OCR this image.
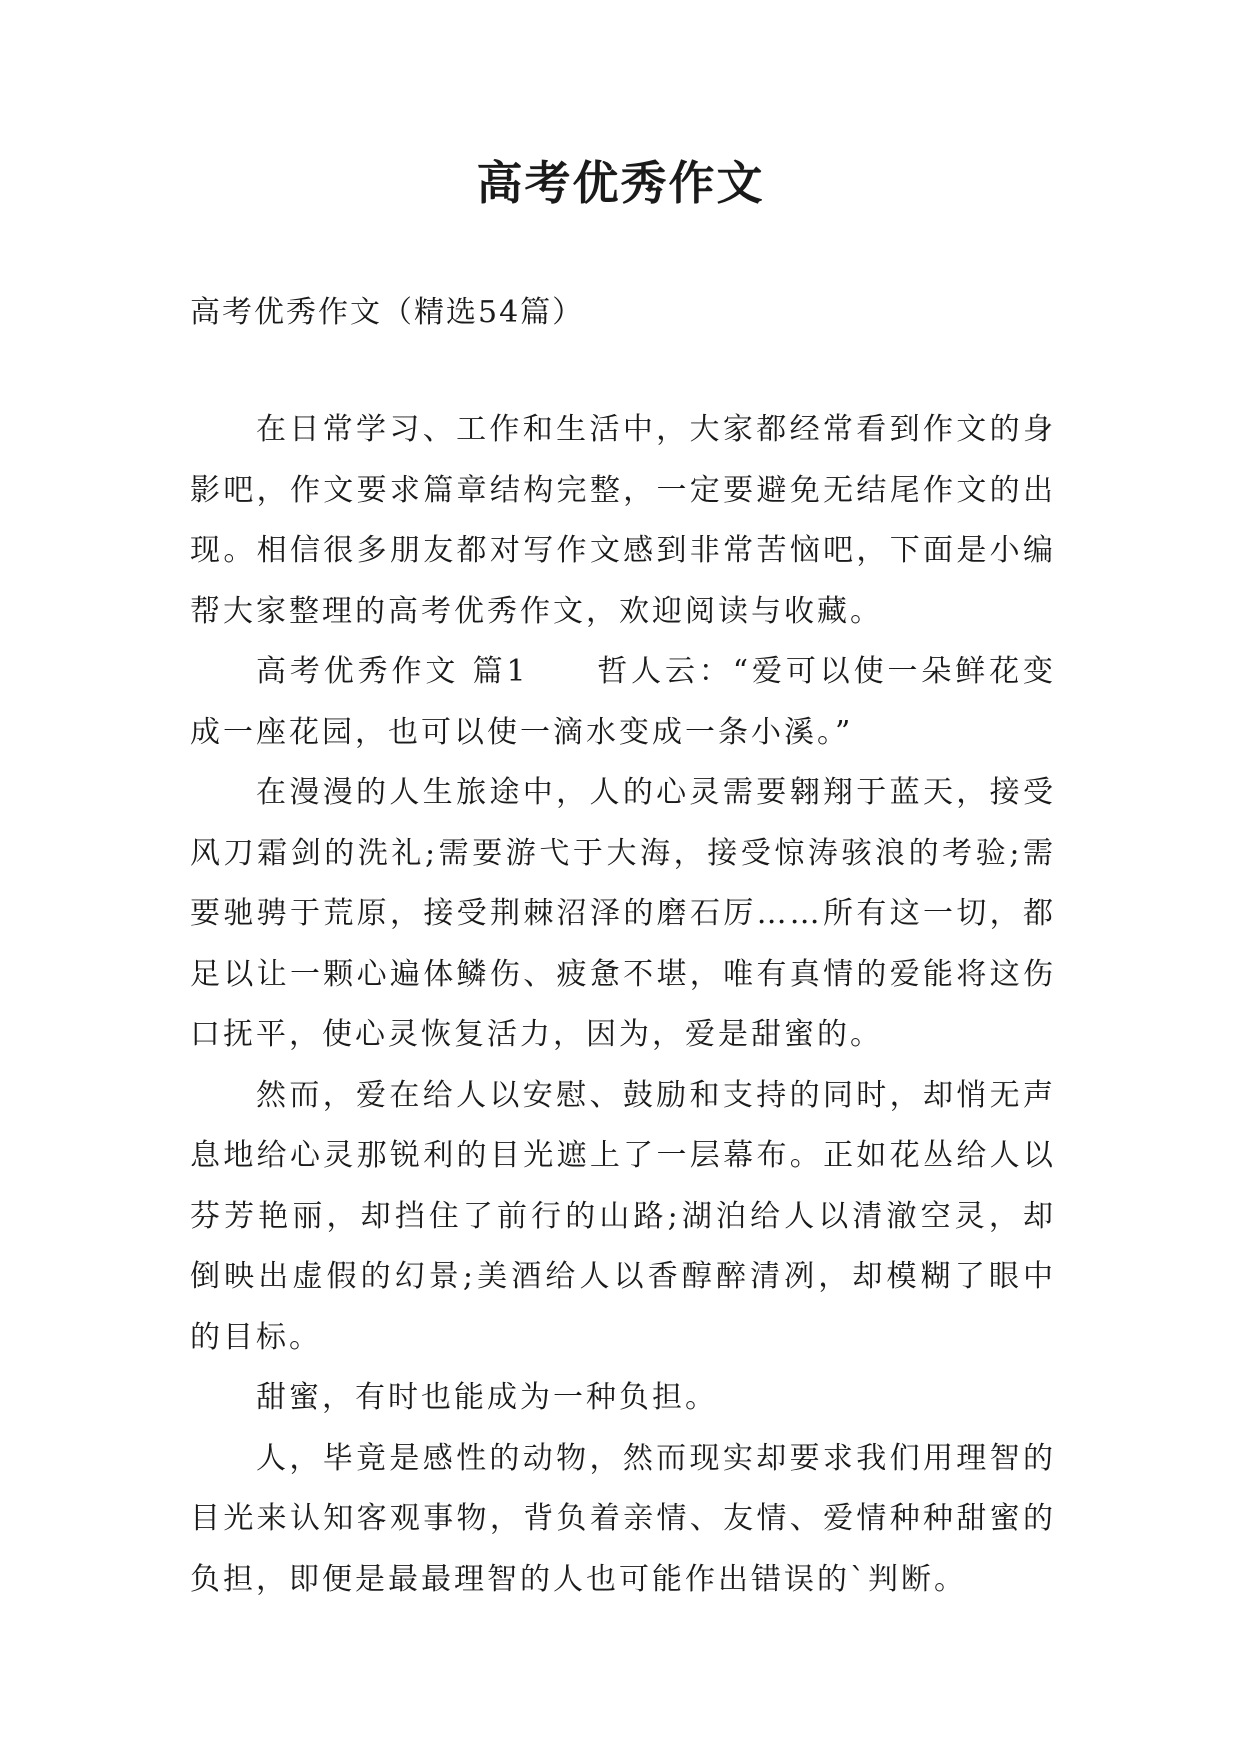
高考优秀作文

高考优秀作文（精选54篇）

在日常学习、工作和生活中，大家都经常看到作文的身影吧，作文要求篇章结构完整，一定要避免无结尾作文的出现。相信很多朋友都对写作文感到非常苦恼吧，下面是小编帮大家整理的高考优秀作文，欢迎阅读与收藏。

高考优秀作文 篇1　　哲人云：“爱可以使一朵鲜花变成一座花园，也可以使一滴水变成一条小溪。”

在漫漫的人生旅途中，人的心灵需要翱翔于蓝天，接受风刀霜剑的洗礼;需要游弋于大海，接受惊涛骇浪的考验;需要驰骋于荒原，接受荆棘沼泽的磨石厉……所有这一切，都足以让一颗心遍体鳞伤、疲惫不堪，唯有真情的爱能将这伤口抚平，使心灵恢复活力，因为，爱是甜蜜的。

然而，爱在给人以安慰、鼓励和支持的同时，却悄无声息地给心灵那锐利的目光遮上了一层幕布。正如花丛给人以芬芳艳丽，却挡住了前行的山路;湖泊给人以清澈空灵，却倒映出虚假的幻景;美酒给人以香醇醉清冽，却模糊了眼中的目标。

甜蜜，有时也能成为一种负担。

人，毕竟是感性的动物，然而现实却要求我们用理智的目光来认知客观事物，背负着亲情、友情、爱情种种甜蜜的负担，即便是最最理智的人也可能作出错误的`判断。
